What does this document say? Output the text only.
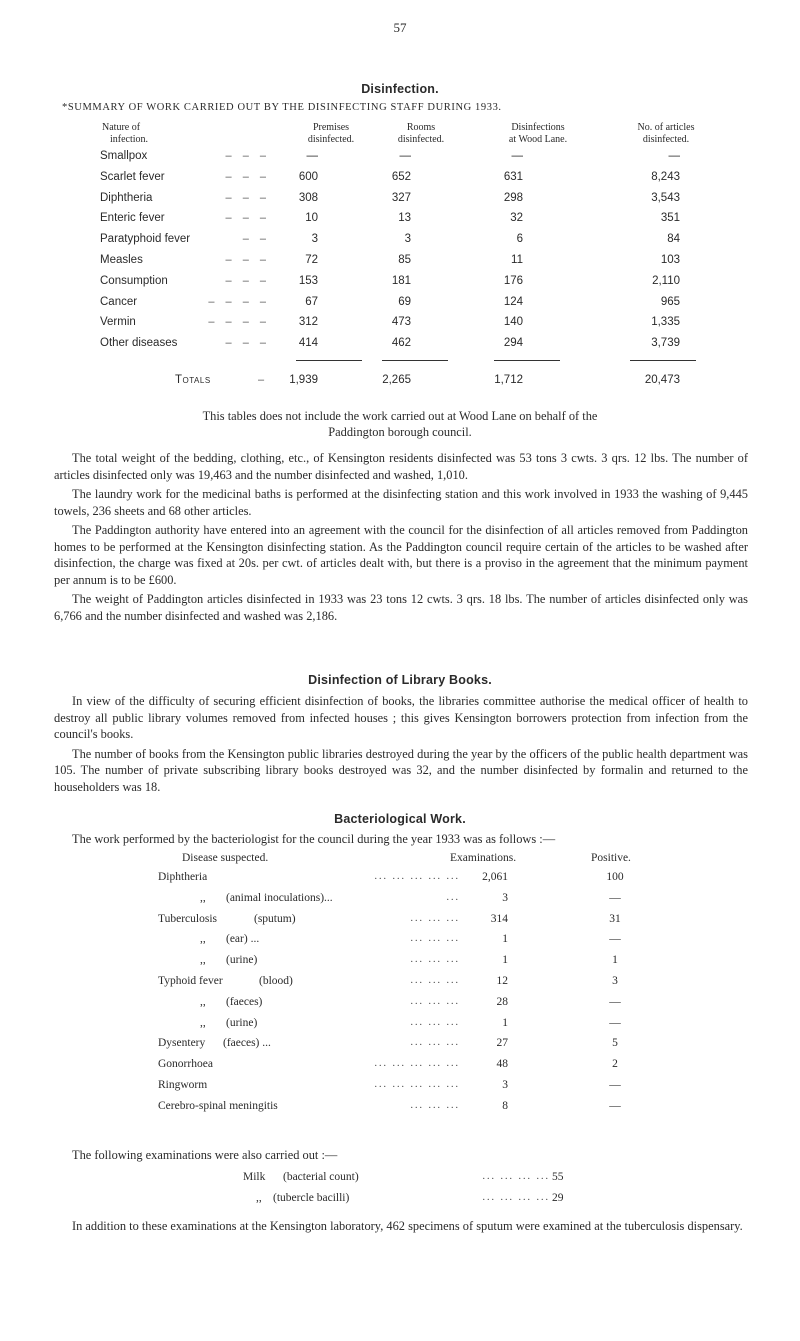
57
Disinfection.
*SUMMARY OF WORK CARRIED OUT BY THE DISINFECTING STAFF DURING 1933.
Nature of
infection.
Premises
disinfected.
Rooms
disinfected.
Disinfections
at Wood Lane.
No. of articles
disinfected.
Smallpox	– – –	—	—	—	—
Scarlet fever	– – –	600	652	631	8,243
Diphtheria	– – –	308	327	298	3,543
Enteric fever	– – –	10	13	32	351
Paratyphoid fever	– –	3	3	6	84
Measles	– – –	72	85	11	103
Consumption	– – –	153	181	176	2,110
Cancer	– – – –	67	69	124	965
Vermin	– – – –	312	473	140	1,335
Other diseases	– – –	414	462	294	3,739
Totals	–	1,939	2,265	1,712	20,473
This tables does not include the work carried out at Wood Lane on behalf of the Paddington borough council.

The total weight of the bedding, clothing, etc., of Kensington residents disinfected was 53 tons 3 cwts. 3 qrs. 12 lbs. The number of articles disinfected only was 19,463 and the number disinfected and washed, 1,010.

The laundry work for the medicinal baths is performed at the disinfecting station and this work involved in 1933 the washing of 9,445 towels, 236 sheets and 68 other articles.

The Paddington authority have entered into an agreement with the council for the disinfection of all articles removed from Paddington homes to be performed at the Kensington disinfecting station. As the Paddington council require certain of the articles to be washed after disinfection, the charge was fixed at 20s. per cwt. of articles dealt with, but there is a proviso in the agreement that the minimum payment per annum is to be £600.

The weight of Paddington articles disinfected in 1933 was 23 tons 12 cwts. 3 qrs. 18 lbs. The number of articles disinfected only was 6,766 and the number disinfected and washed was 2,186.

Disinfection of Library Books.

In view of the difficulty of securing efficient disinfection of books, the libraries committee authorise the medical officer of health to destroy all public library volumes removed from infected houses ; this gives Kensington borrowers protection from infection from the council's books.

The number of books from the Kensington public libraries destroyed during the year by the officers of the public health department was 105. The number of private subscribing library books destroyed was 32, and the number disinfected by formalin and returned to the householders was 18.

Bacteriological Work.
The work performed by the bacteriologist for the council during the year 1933 was as follows :—
Disease suspected.	Examinations.	Positive.
Diphtheria	... ... ... ... ...	2,061	100
,, (animal inoculations)...	...	3	—
Tuberculosis	(sputum)	... ... ...	314	31
,, (ear) ...	... ... ...	1	—
,, (urine)	... ... ...	1	1
Typhoid fever	(blood)	... ... ...	12	3
,, (faeces)	... ... ...	28	—
,, (urine)	... ... ...	1	—
Dysentery (faeces) ...	... ... ...	27	5
Gonorrhoea	... ... ... ... ...	48	2
Ringworm	... ... ... ... ...	3	—
Cerebro-spinal meningitis	... ... ...	8	—
The following examinations were also carried out :—
Milk (bacterial count)	... ... ... ... 55
,, (tubercle bacilli)	... ... ... ... 29

In addition to these examinations at the Kensington laboratory, 462 specimens of sputum were examined at the tuberculosis dispensary.
